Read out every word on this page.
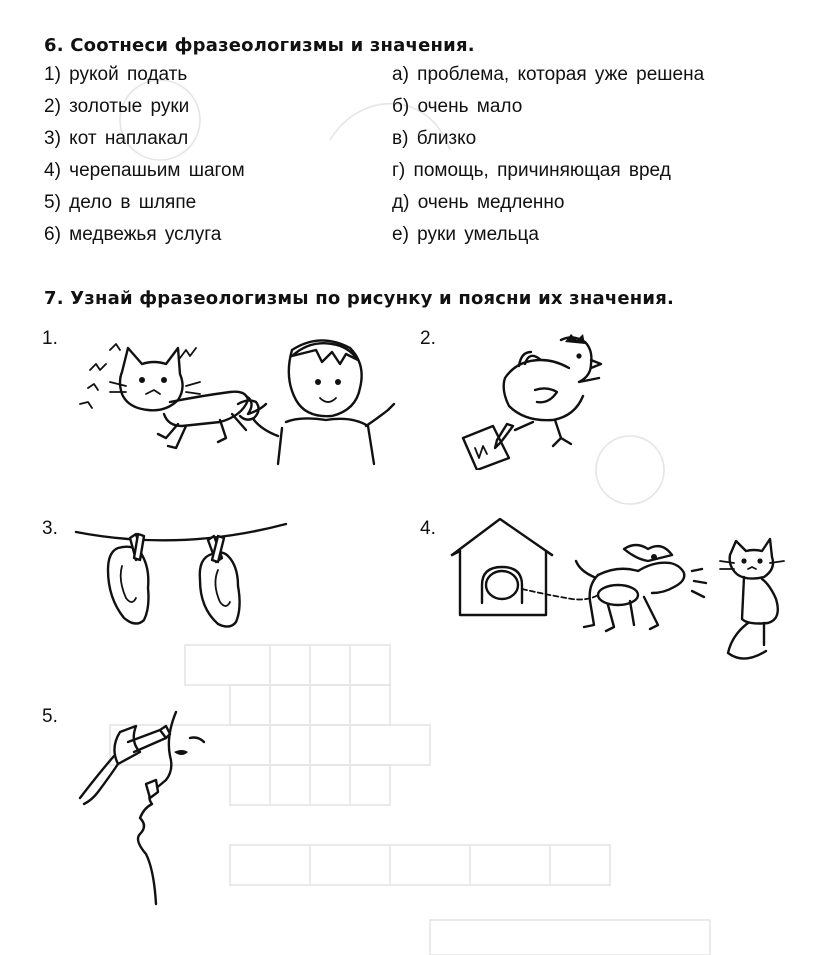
6. Соотнеси фразеологизмы и значения.
1) рукой подать
2) золотые руки
3) кот наплакал
4) черепашьим шагом
5) дело в шляпе
6) медвежья услуга
а) проблема, которая уже решена
б) очень мало
в) близко
г) помощь, причиняющая вред
д) очень медленно
е) руки умельца
7. Узнай фразеологизмы по рисунку и поясни их значения.
1.	2.
3.	4.
5.
